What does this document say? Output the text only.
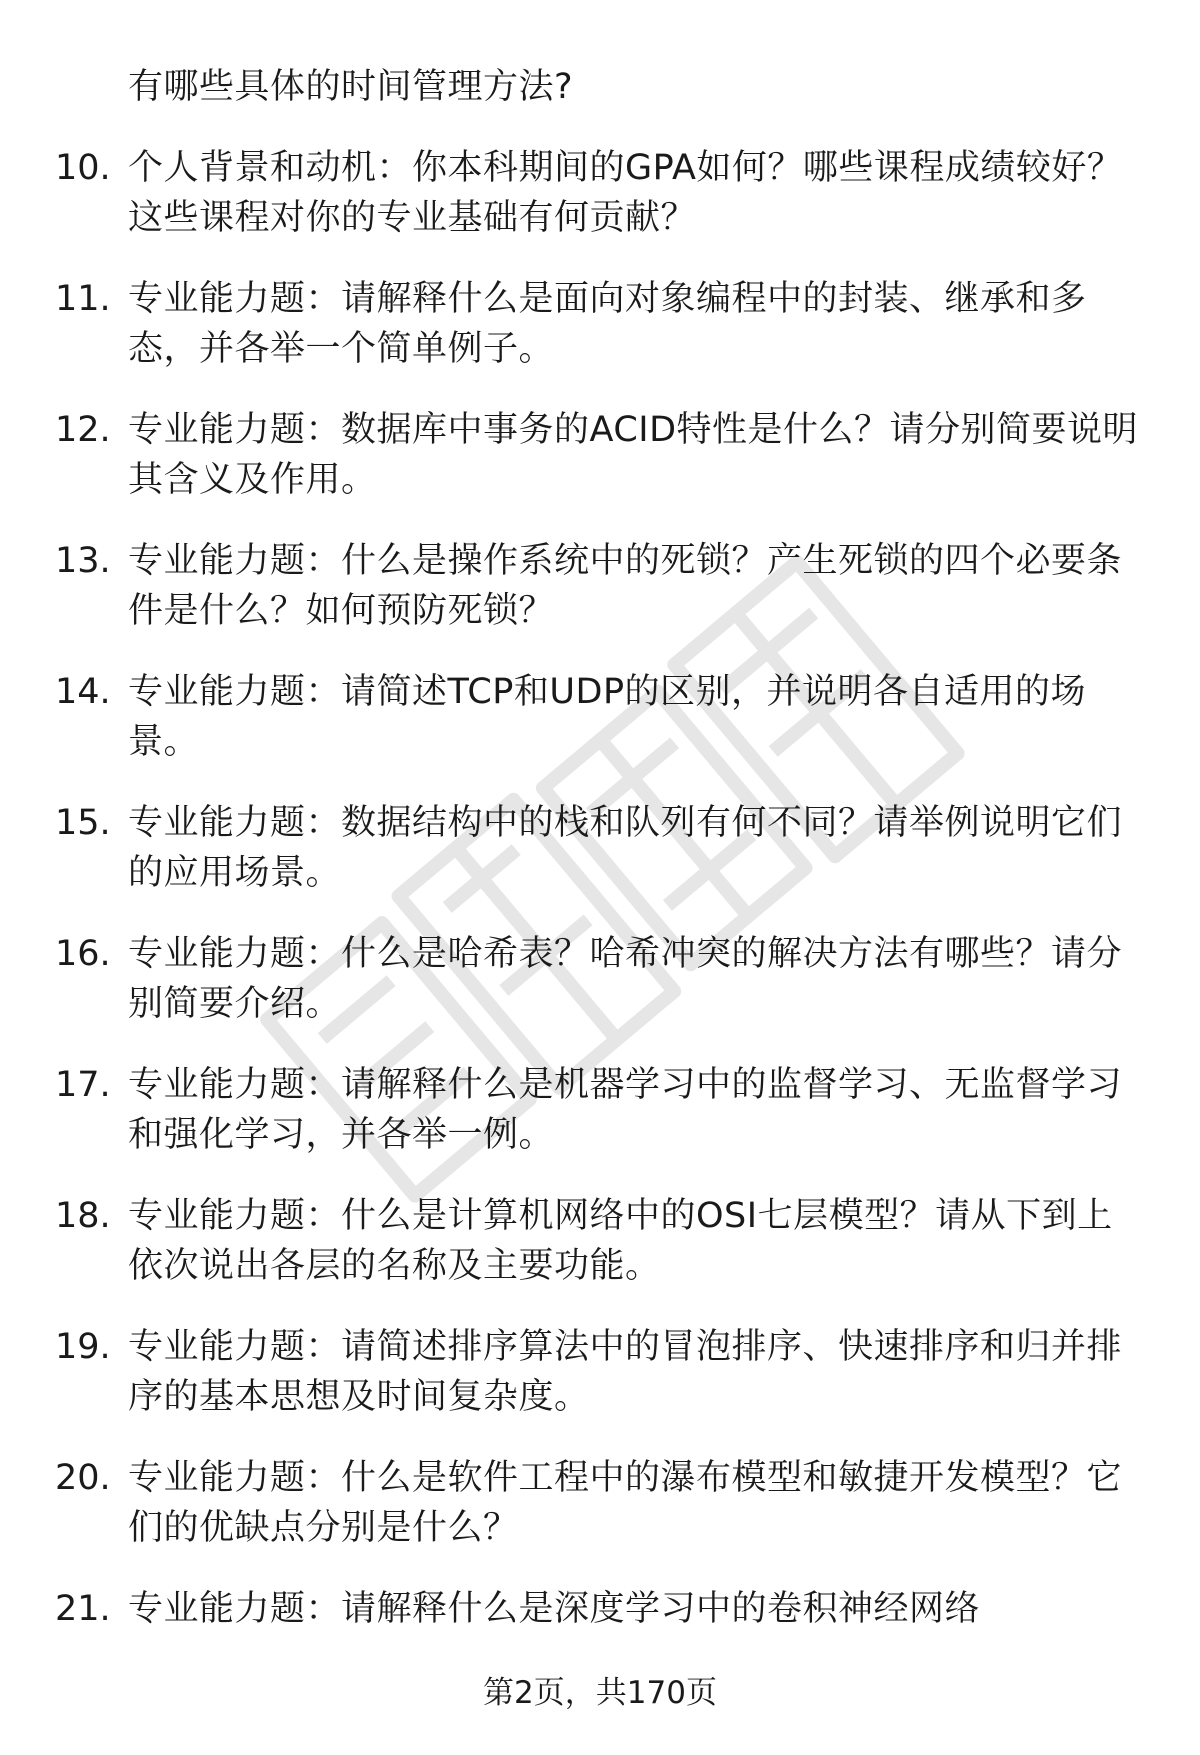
有哪些具体的时间管理方法?
10. 个人背景和动机：你本科期间的GPA如何？哪些课程成绩较好？
这些课程对你的专业基础有何贡献？
11. 专业能力题：请解释什么是面向对象编程中的封装、继承和多
态，并各举一个简单例子。
12. 专业能力题：数据库中事务的ACID特性是什么？请分别简要说明
其含义及作用。
13. 专业能力题：什么是操作系统中的死锁？产生死锁的四个必要条
件是什么？如何预防死锁？
14. 专业能力题：请简述TCP和UDP的区别，并说明各自适用的场
景。
15. 专业能力题：数据结构中的栈和队列有何不同？请举例说明它们
的应用场景。
16. 专业能力题：什么是哈希表？哈希冲突的解决方法有哪些？请分
别简要介绍。
17. 专业能力题：请解释什么是机器学习中的监督学习、无监督学习
和强化学习，并各举一例。
18. 专业能力题：什么是计算机网络中的OSI七层模型？请从下到上
依次说出各层的名称及主要功能。
19. 专业能力题：请简述排序算法中的冒泡排序、快速排序和归并排
序的基本思想及时间复杂度。
20. 专业能力题：什么是软件工程中的瀑布模型和敏捷开发模型？它
们的优缺点分别是什么？
21. 专业能力题：请解释什么是深度学习中的卷积神经网络
第2页，共170页
